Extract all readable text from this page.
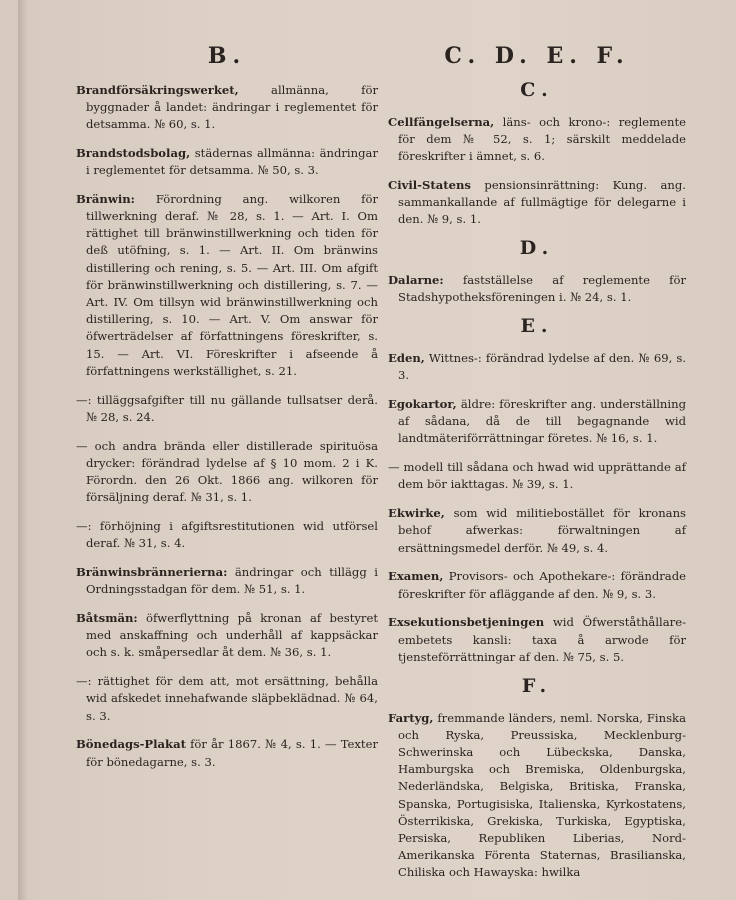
B.

Brandförsäkringswerket, allmänna, för byggnader å landet: ändringar i reglementet för detsamma. № 60, s. 1.

Brandstodsbolag, städernas allmänna: ändringar i reglementet för detsamma. № 50, s. 3.

Bränwin: Förordning ang. wilkoren för tillwerkning deraf. № 28, s. 1. — Art. I. Om rättighet till bränwinstillwerkning och tiden för deß utöfning, s. 1. — Art. II. Om bränwins distillering och rening, s. 5. — Art. III. Om afgift för bränwinstillwerkning och distillering, s. 7. — Art. IV. Om tillsyn wid bränwinstillwerkning och distillering, s. 10. — Art. V. Om answar för öfwerträdelser af författningens föreskrifter, s. 15. — Art. VI. Föreskrifter i afseende å författningens werkställighet, s. 21.

—: tilläggsafgifter till nu gällande tullsatser derå. № 28, s. 24.

— och andra brända eller distillerade spirituösa drycker: förändrad lydelse af § 10 mom. 2 i K. Förordn. den 26 Okt. 1866 ang. wilkoren för försäljning deraf. № 31, s. 1.

—: förhöjning i afgiftsrestitutionen wid utförsel deraf. № 31, s. 4.

Bränwinsbrännerierna: ändringar och tillägg i Ordningsstadgan för dem. № 51, s. 1.

Båtsmän: öfwerflyttning på kronan af bestyret med anskaffning och underhåll af kappsäckar och s. k. småpersedlar åt dem. № 36, s. 1.

—: rättighet för dem att, mot ersättning, behålla wid afskedet innehafwande släpbeklädnad. № 64, s. 3.

Bönedags-Plakat för år 1867. № 4, s. 1. — Texter för bönedagarne, s. 3.

C. D. E. F.
C.

Cellfängelserna, läns- och krono-: reglemente för dem № 52, s. 1; särskilt meddelade föreskrifter i ämnet, s. 6.

Civil-Statens pensionsinrättning: Kung. ang. sammankallande af fullmägtige för delegarne i den. № 9, s. 1.

D.

Dalarne: fastställelse af reglemente för Stadshypotheksföreningen i. № 24, s. 1.

E.

Eden, Wittnes-: förändrad lydelse af den. № 69, s. 3.

Egokartor, äldre: föreskrifter ang. underställning af sådana, då de till begagnande wid landtmäteriförrättningar företes. № 16, s. 1.

— modell till sådana och hwad wid upprättande af dem bör iakttagas. № 39, s. 1.

Ekwirke, som wid militiebostället för kronans behof afwerkas: förwaltningen af ersättningsmedel derför. № 49, s. 4.

Examen, Provisors- och Apothekare-: förändrade föreskrifter för afläggande af den. № 9, s. 3.

Exsekutionsbetjeningen wid Öfwerståthållare-embetets kansli: taxa å arwode för tjensteförrättningar af den. № 75, s. 5.

F.

Fartyg, fremmande länders, neml. Norska, Finska och Ryska, Preussiska, Mecklenburg-Schwerinska och Lübeckska, Danska, Hamburgska och Bremiska, Oldenburgska, Nederländska, Belgiska, Britiska, Franska, Spanska, Portugisiska, Italienska, Kyrkostatens, Österrikiska, Grekiska, Turkiska, Egyptiska, Persiska, Republiken Liberias, Nord-Amerikanska Förenta Staternas, Brasilianska, Chiliska och Hawayska: hwilka
